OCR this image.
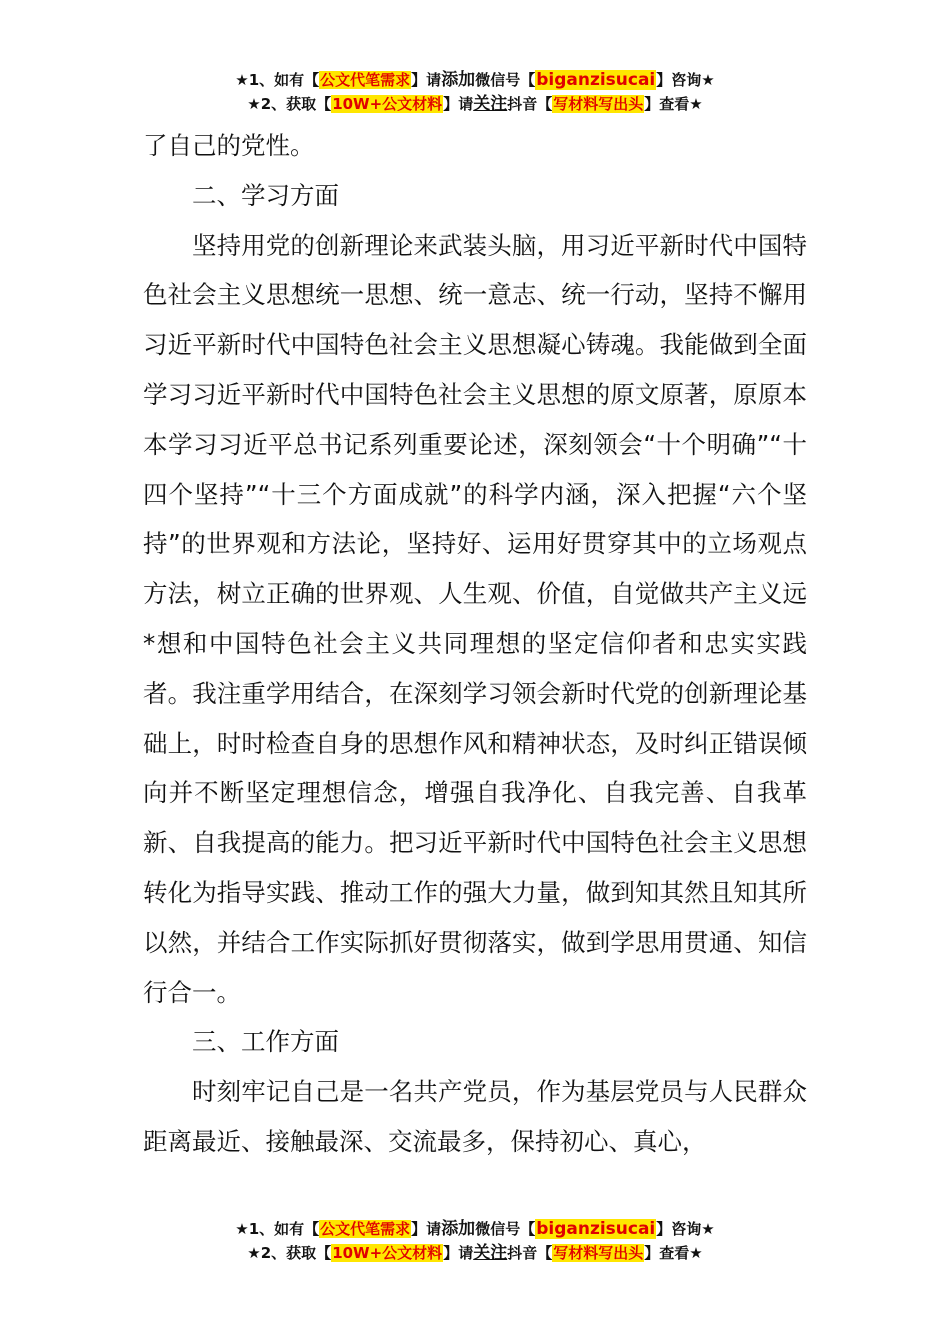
★1、如有【公文代笔需求】请添加微信号【biganzisucai】咨询★
★2、获取【10W+公文材料】请关注抖音【写材料写出头】查看★

了自己的党性。

二、学习方面

坚持用党的创新理论来武装头脑，用习近平新时代中国特色社会主义思想统一思想、统一意志、统一行动，坚持不懈用习近平新时代中国特色社会主义思想凝心铸魂。我能做到全面学习习近平新时代中国特色社会主义思想的原文原著，原原本本学习习近平总书记系列重要论述，深刻领会“十个明确”“十四个坚持”“十三个方面成就”的科学内涵，深入把握“六个坚持”的世界观和方法论，坚持好、运用好贯穿其中的立场观点方法，树立正确的世界观、人生观、价值，自觉做共产主义远*想和中国特色社会主义共同理想的坚定信仰者和忠实实践者。我注重学用结合，在深刻学习领会新时代党的创新理论基础上，时时检查自身的思想作风和精神状态，及时纠正错误倾向并不断坚定理想信念，增强自我净化、自我完善、自我革新、自我提高的能力。把习近平新时代中国特色社会主义思想转化为指导实践、推动工作的强大力量，做到知其然且知其所以然，并结合工作实际抓好贯彻落实，做到学思用贯通、知信行合一。

三、工作方面

时刻牢记自己是一名共产党员，作为基层党员与人民群众距离最近、接触最深、交流最多，保持初心、真心，

★1、如有【公文代笔需求】请添加微信号【biganzisucai】咨询★
★2、获取【10W+公文材料】请关注抖音【写材料写出头】查看★
